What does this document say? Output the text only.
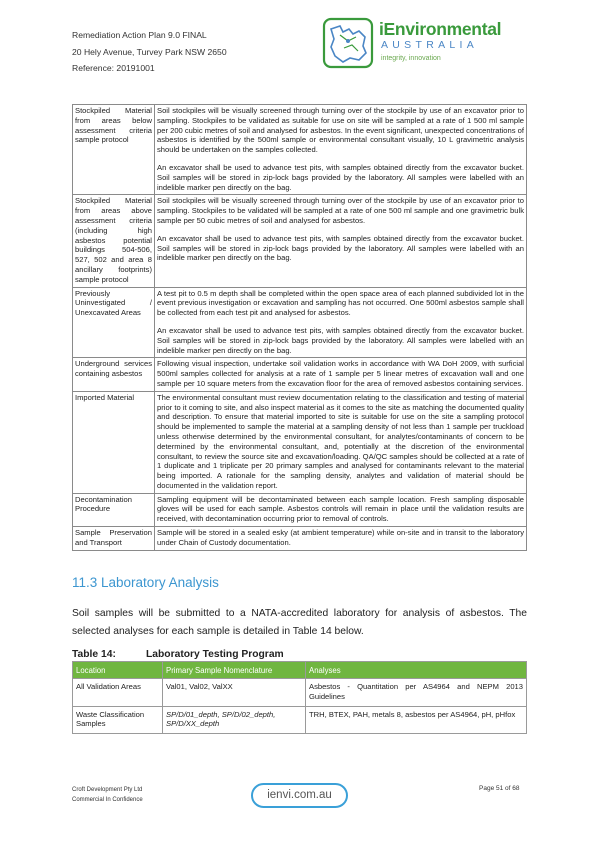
Remediation Action Plan 9.0 FINAL
20 Hely Avenue, Turvey Park NSW 2650
Reference: 20191001
iEnvironmental
AUSTRALIA
integrity, innovation
Stockpiled Material from areas below assessment criteria sample protocol	Soil stockpiles will be visually screened through turning over of the stockpile by use of an excavator prior to sampling. Stockpiles to be validated as suitable for use on site will be sampled at a rate of 1 500 ml sample per 200 cubic metres of soil and analysed for asbestos. In the event significant, unexpected concentrations of asbestos is identified by the 500ml sample or environmental consultant visually, 10 L gravimetric analysis should be undertaken on the samples collected.

An excavator shall be used to advance test pits, with samples obtained directly from the excavator bucket. Soil samples will be stored in zip-lock bags provided by the laboratory. All samples were labelled with an indelible marker pen directly on the bag.

Stockpiled Material from areas above assessment criteria (including high asbestos potential buildings 504-506, 527, 502 and area 8 ancillary footprints) sample protocol	Soil stockpiles will be visually screened through turning over of the stockpile by use of an excavator prior to sampling. Stockpiles to be validated will be sampled at a rate of one 500 ml sample and one gravimetric bulk sample per 50 cubic metres of soil and analysed for asbestos.

An excavator shall be used to advance test pits, with samples obtained directly from the excavator bucket. Soil samples will be stored in zip-lock bags provided by the laboratory. All samples were labelled with an indelible marker pen directly on the bag.

Previously Uninvestigated / Unexcavated Areas	A test pit to 0.5 m depth shall be completed within the open space area of each planned subdivided lot in the event previous investigation or excavation and sampling has not occurred. One 500ml asbestos sample shall be collected from each test pit and analysed for asbestos.

An excavator shall be used to advance test pits, with samples obtained directly from the excavator bucket. Soil samples will be stored in zip-lock bags provided by the laboratory. All samples were labelled with an indelible marker pen directly on the bag.

Underground services containing asbestos	Following visual inspection, undertake soil validation works in accordance with WA DoH 2009, with surficial 500ml samples collected for analysis at a rate of 1 sample per 5 linear metres of excavation wall and one sample per 10 square meters from the excavation floor for the area of removed asbestos containing services.

Imported Material	The environmental consultant must review documentation relating to the classification and testing of material prior to it coming to site, and also inspect material as it comes to the site as matching the documented quality and description. To ensure that material imported to site is suitable for use on the site a sampling protocol should be implemented to sample the material at a sampling density of not less than 1 sample per truckload unless otherwise determined by the environmental consultant, for analytes/contaminants of concern to be determined by the environmental consultant, and, potentially at the discretion of the environmental consultant, to review the source site and excavation/loading. QA/QC samples should be collected at a rate of 1 duplicate and 1 triplicate per 20 primary samples and analysed for contaminants relevant to the material being imported. A rationale for the sampling density, analytes and validation of material should be documented in the validation report.

Decontamination Procedure	Sampling equipment will be decontaminated between each sample location. Fresh sampling disposable gloves will be used for each sample. Asbestos controls will remain in place until the validation results are received, with decontamination occurring prior to removal of controls.

Sample Preservation and Transport	Sample will be stored in a sealed esky (at ambient temperature) while on-site and in transit to the laboratory under Chain of Custody documentation.

11.3 Laboratory Analysis
Soil samples will be submitted to a NATA-accredited laboratory for analysis of asbestos. The selected analyses for each sample is detailed in Table 14 below.
Table 14:	Laboratory Testing Program
Location	Primary Sample Nomenclature	Analyses
All Validation Areas	Val01, Val02, ValXX	Asbestos - Quantitation per AS4964 and NEPM 2013 Guidelines
Waste Classification Samples	SP/D/01_depth, SP/D/02_depth, SP/D/XX_depth	TRH, BTEX, PAH, metals 8, asbestos per AS4964, pH, pHfox
Croft Development Pty Ltd
Commercial In Confidence	ienvi.com.au
Page 51 of 68
